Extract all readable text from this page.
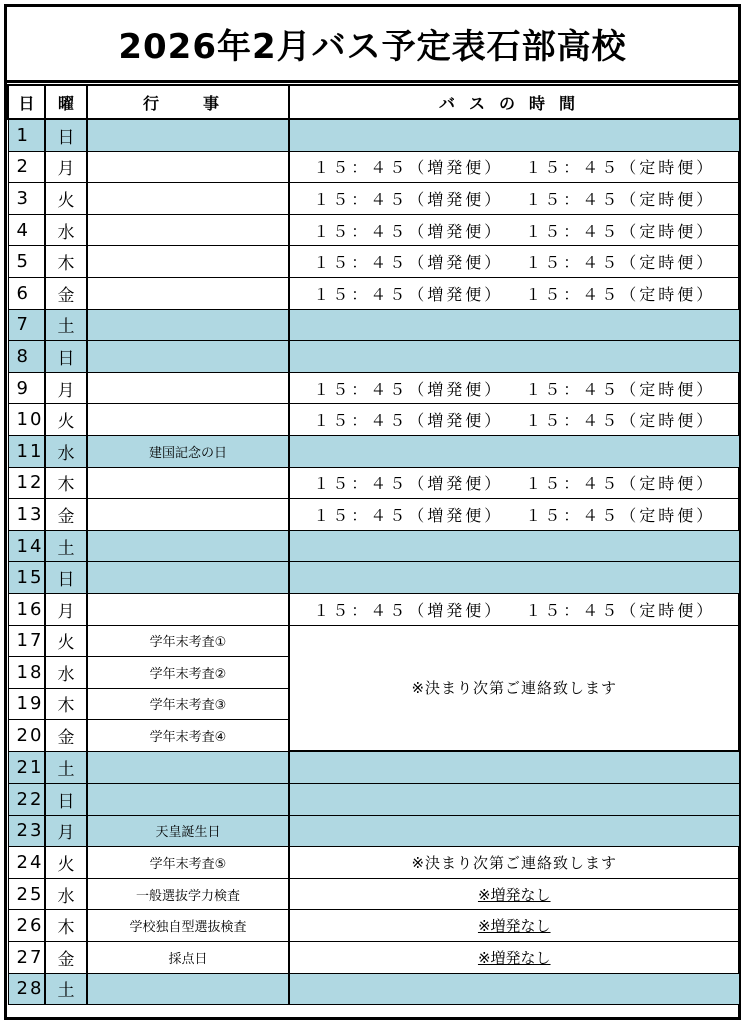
2026年2月バス予定表石部高校
日	曜	行　事	バスの時間
1	日		
2	月		１５：４５（増発便） １５：４５（定時便）
3	火		１５：４５（増発便） １５：４５（定時便）
4	水		１５：４５（増発便） １５：４５（定時便）
5	木		１５：４５（増発便） １５：４５（定時便）
6	金		１５：４５（増発便） １５：４５（定時便）
7	土		
8	日		
9	月		１５：４５（増発便） １５：４５（定時便）
10	火		１５：４５（増発便） １５：４５（定時便）
11	水	建国記念の日	
12	木		１５：４５（増発便） １５：４５（定時便）
13	金		１５：４５（増発便） １５：４５（定時便）
14	土		
15	日		
16	月		１５：４５（増発便） １５：４５（定時便）
17	火	学年末考査①	※決まり次第ご連絡致します
18	水	学年末考査②	
19	木	学年末考査③	
20	金	学年末考査④	
21	土		
22	日		
23	月	天皇誕生日	
24	火	学年末考査⑤	※決まり次第ご連絡致します
25	水	一般選抜学力検査	※増発なし
26	木	学校独自型選抜検査	※増発なし
27	金	採点日	※増発なし
28	土		
